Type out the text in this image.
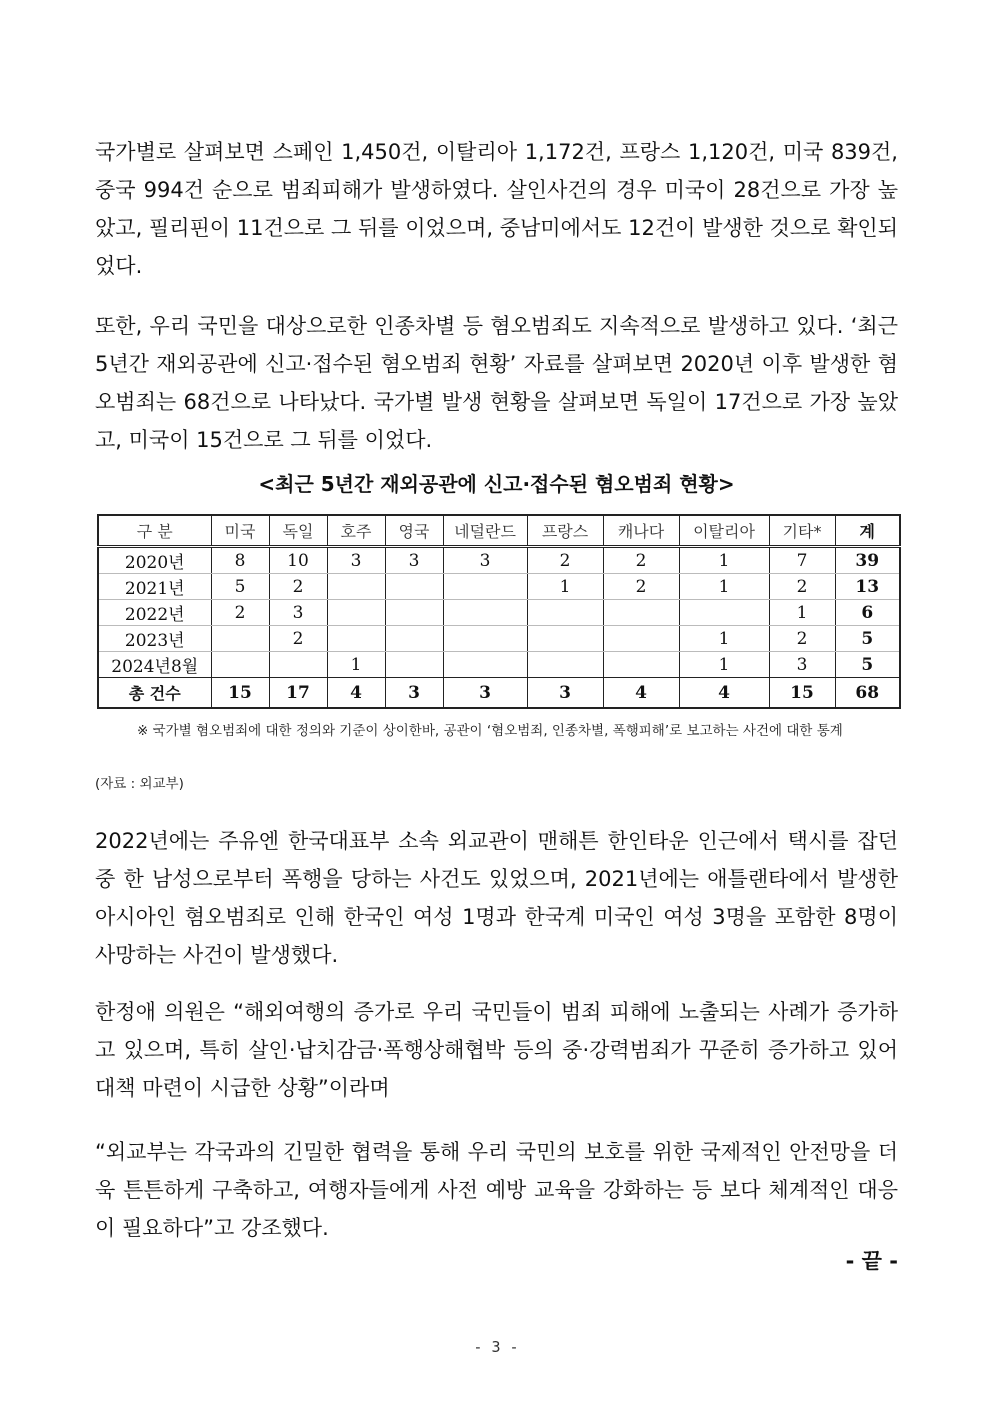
국가별로 살펴보면 스페인 1,450건, 이탈리아 1,172건, 프랑스 1,120건, 미국 839건, 중국 994건 순으로 범죄피해가 발생하였다. 살인사건의 경우 미국이 28건으로 가장 높았고, 필리핀이 11건으로 그 뒤를 이었으며, 중남미에서도 12건이 발생한 것으로 확인되었다.

또한, 우리 국민을 대상으로한 인종차별 등 혐오범죄도 지속적으로 발생하고 있다. ‘최근 5년간 재외공관에 신고·접수된 혐오범죄 현황’ 자료를 살펴보면 2020년 이후 발생한 혐오범죄는 68건으로 나타났다. 국가별 발생 현황을 살펴보면 독일이 17건으로 가장 높았고, 미국이 15건으로 그 뒤를 이었다.

<최근 5년간 재외공관에 신고·접수된 혐오범죄 현황>

구 분	미국	독일	호주	영국	네덜란드	프랑스	캐나다	이탈리아	기타*	계
2020년	8	10	3	3	3	2	2	1	7	39
2021년	5	2				1	2	1	2	13
2022년	2	3							1	6
2023년		2						1	2	5
2024년8월			1					1	3	5
총 건수	15	17	4	3	3	3	4	4	15	68

※ 국가별 혐오범죄에 대한 정의와 기준이 상이한바, 공관이 ‘혐오범죄, 인종차별, 폭행피해’로 보고하는 사건에 대한 통계

(자료 : 외교부)

2022년에는 주유엔 한국대표부 소속 외교관이 맨해튼 한인타운 인근에서 택시를 잡던 중 한 남성으로부터 폭행을 당하는 사건도 있었으며, 2021년에는 애틀랜타에서 발생한 아시아인 혐오범죄로 인해 한국인 여성 1명과 한국계 미국인 여성 3명을 포함한 8명이 사망하는 사건이 발생했다.

한정애 의원은 “해외여행의 증가로 우리 국민들이 범죄 피해에 노출되는 사례가 증가하고 있으며, 특히 살인·납치감금·폭행상해협박 등의 중·강력범죄가 꾸준히 증가하고 있어 대책 마련이 시급한 상황”이라며

“외교부는 각국과의 긴밀한 협력을 통해 우리 국민의 보호를 위한 국제적인 안전망을 더욱 튼튼하게 구축하고, 여행자들에게 사전 예방 교육을 강화하는 등 보다 체계적인 대응이 필요하다”고 강조했다.

- 끝 -
- 3 -
